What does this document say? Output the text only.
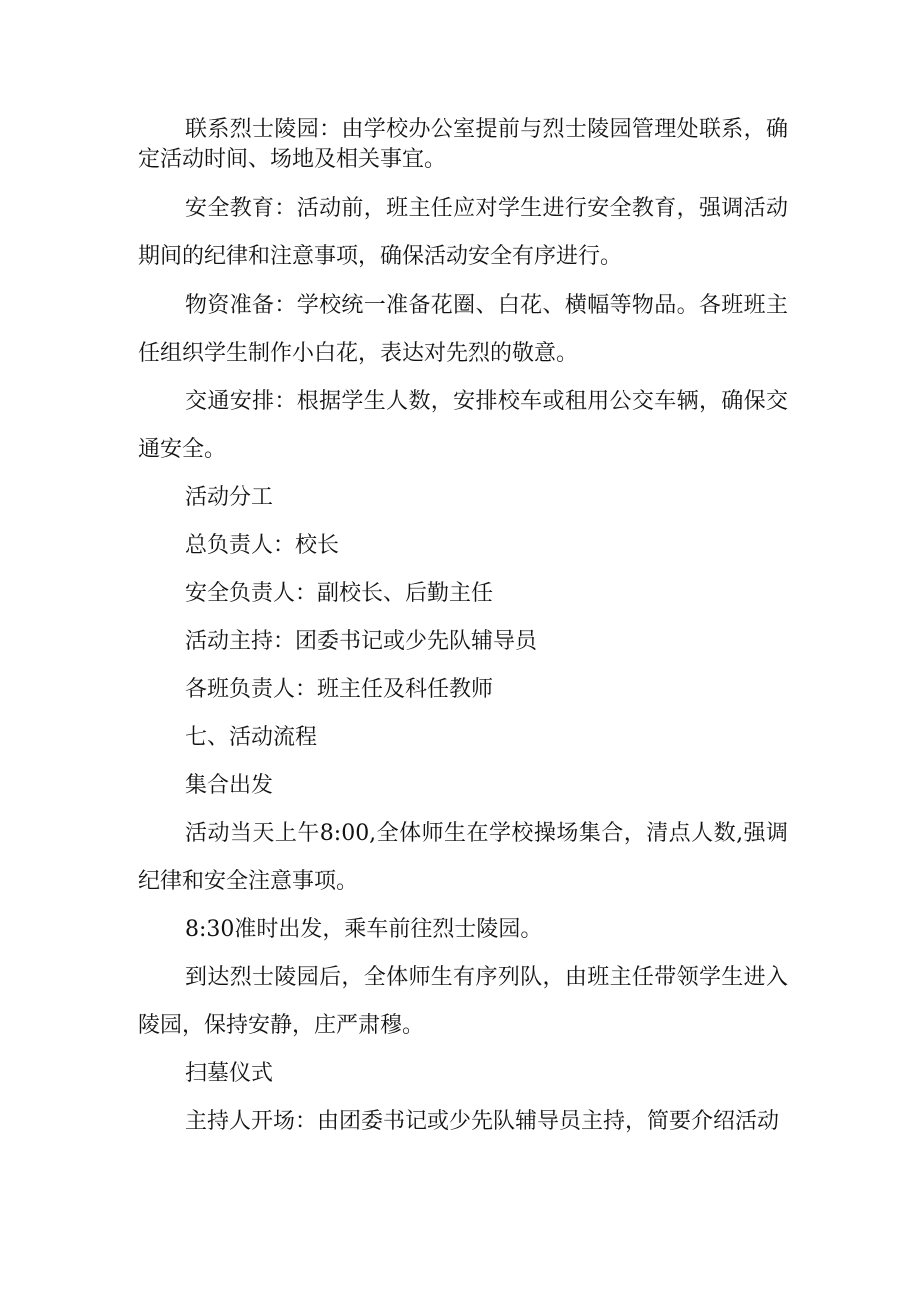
联系烈士陵园：由学校办公室提前与烈士陵园管理处联系，确定活动时间、场地及相关事宜。

安全教育：活动前，班主任应对学生进行安全教育，强调活动期间的纪律和注意事项，确保活动安全有序进行。

物资准备：学校统一准备花圈、白花、横幅等物品。各班班主任组织学生制作小白花，表达对先烈的敬意。

交通安排：根据学生人数，安排校车或租用公交车辆，确保交通安全。

活动分工

总负责人：校长

安全负责人：副校长、后勤主任

活动主持：团委书记或少先队辅导员

各班负责人：班主任及科任教师

七、活动流程

集合出发

活动当天上午8:00,全体师生在学校操场集合，清点人数,强调纪律和安全注意事项。

8:30准时出发，乘车前往烈士陵园。

到达烈士陵园后，全体师生有序列队，由班主任带领学生进入陵园，保持安静，庄严肃穆。

扫墓仪式

主持人开场：由团委书记或少先队辅导员主持，简要介绍活动
